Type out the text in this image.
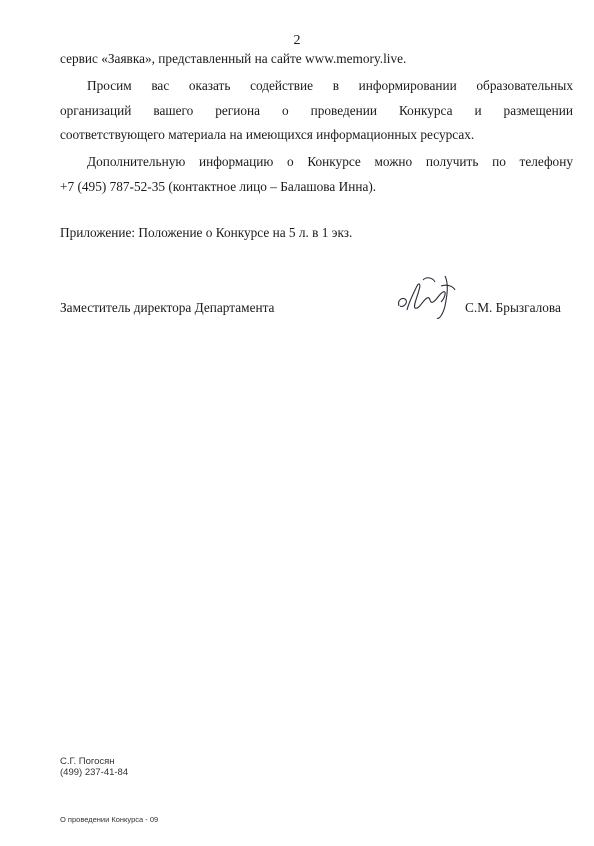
2
сервис «Заявка», представленный на сайте www.memory.live.
Просим вас оказать содействие в информировании образовательных
организаций вашего региона о проведении Конкурса и размещении
соответствующего материала на имеющихся информационных ресурсах.
Дополнительную информацию о Конкурсе можно получить по телефону
+7 (495) 787-52-35 (контактное лицо – Балашова Инна).
Приложение: Положение о Конкурсе на 5 л. в 1 экз.
Заместитель директора Департамента	С.М. Брызгалова
С.Г. Погосян
(499) 237-41-84
О проведении Конкурса - 09
